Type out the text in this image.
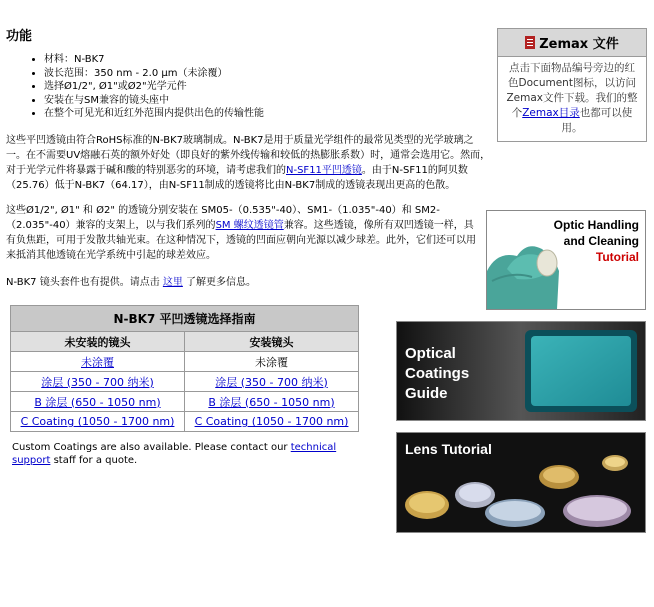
功能
• 材料：N-BK7
• 波长范围：350 nm - 2.0 µm（未涂覆）
• 选择Ø1/2", Ø1"或Ø2"光学元件
• 安装在与SM兼容的镜头座中
• 在整个可见光和近红外范围内提供出色的传输性能
这些平凹透镜由符合RoHS标准的N-BK7玻璃制成。N-BK7是用于质量光学组件的最常见类型的光学玻璃之一。在不需要UV熔融石英的额外好处（即良好的紫外线传输和较低的热膨胀系数）时，通常会选用它。然而，对于光学元件将暴露于碱和酸的特别恶劣的环境，请考虑我们的N-SF11平凹透镜。由于N-SF11的阿贝数（25.76）低于N-BK7（64.17），由N-SF11制成的透镜将比由N-BK7制成的透镜表现出更高的色散。
这些Ø1/2", Ø1" 和 Ø2" 的透镜分别安装在 SM05-（0.535"-40）、SM1-（1.035"-40）和 SM2-（2.035"-40）兼容的支架上，以与我们系列的SM 螺纹透镜管兼容。这些透镜，像所有双凹透镜一样，具有负焦距，可用于发散共轴光束。在这种情况下，透镜的凹面应朝向光源以减少球差。此外，它们还可以用来抵消其他透镜在光学系统中引起的球差效应。
N-BK7 镜头套件也有提供。请点击 这里 了解更多信息。
Zemax 文件
点击下面物品编号旁边的红色Document图标，以访问Zemax文件下载。我们的整个Zemax目录也都可以使用。
N-BK7 平凹透镜选择指南	
未安装的镜头	安装镜头
未涂覆	未涂覆
涂层 (350 - 700 纳米)	涂层 (350 - 700 纳米)
B 涂层 (650 - 1050 nm)	B 涂层 (650 - 1050 nm)
C Coating (1050 - 1700 nm)	C Coating (1050 - 1700 nm)
Custom Coatings are also available. Please contact our technical support staff for a quote.
Optic Handling
and Cleaning
Tutorial
Optical
Coatings
Guide
Lens Tutorial
